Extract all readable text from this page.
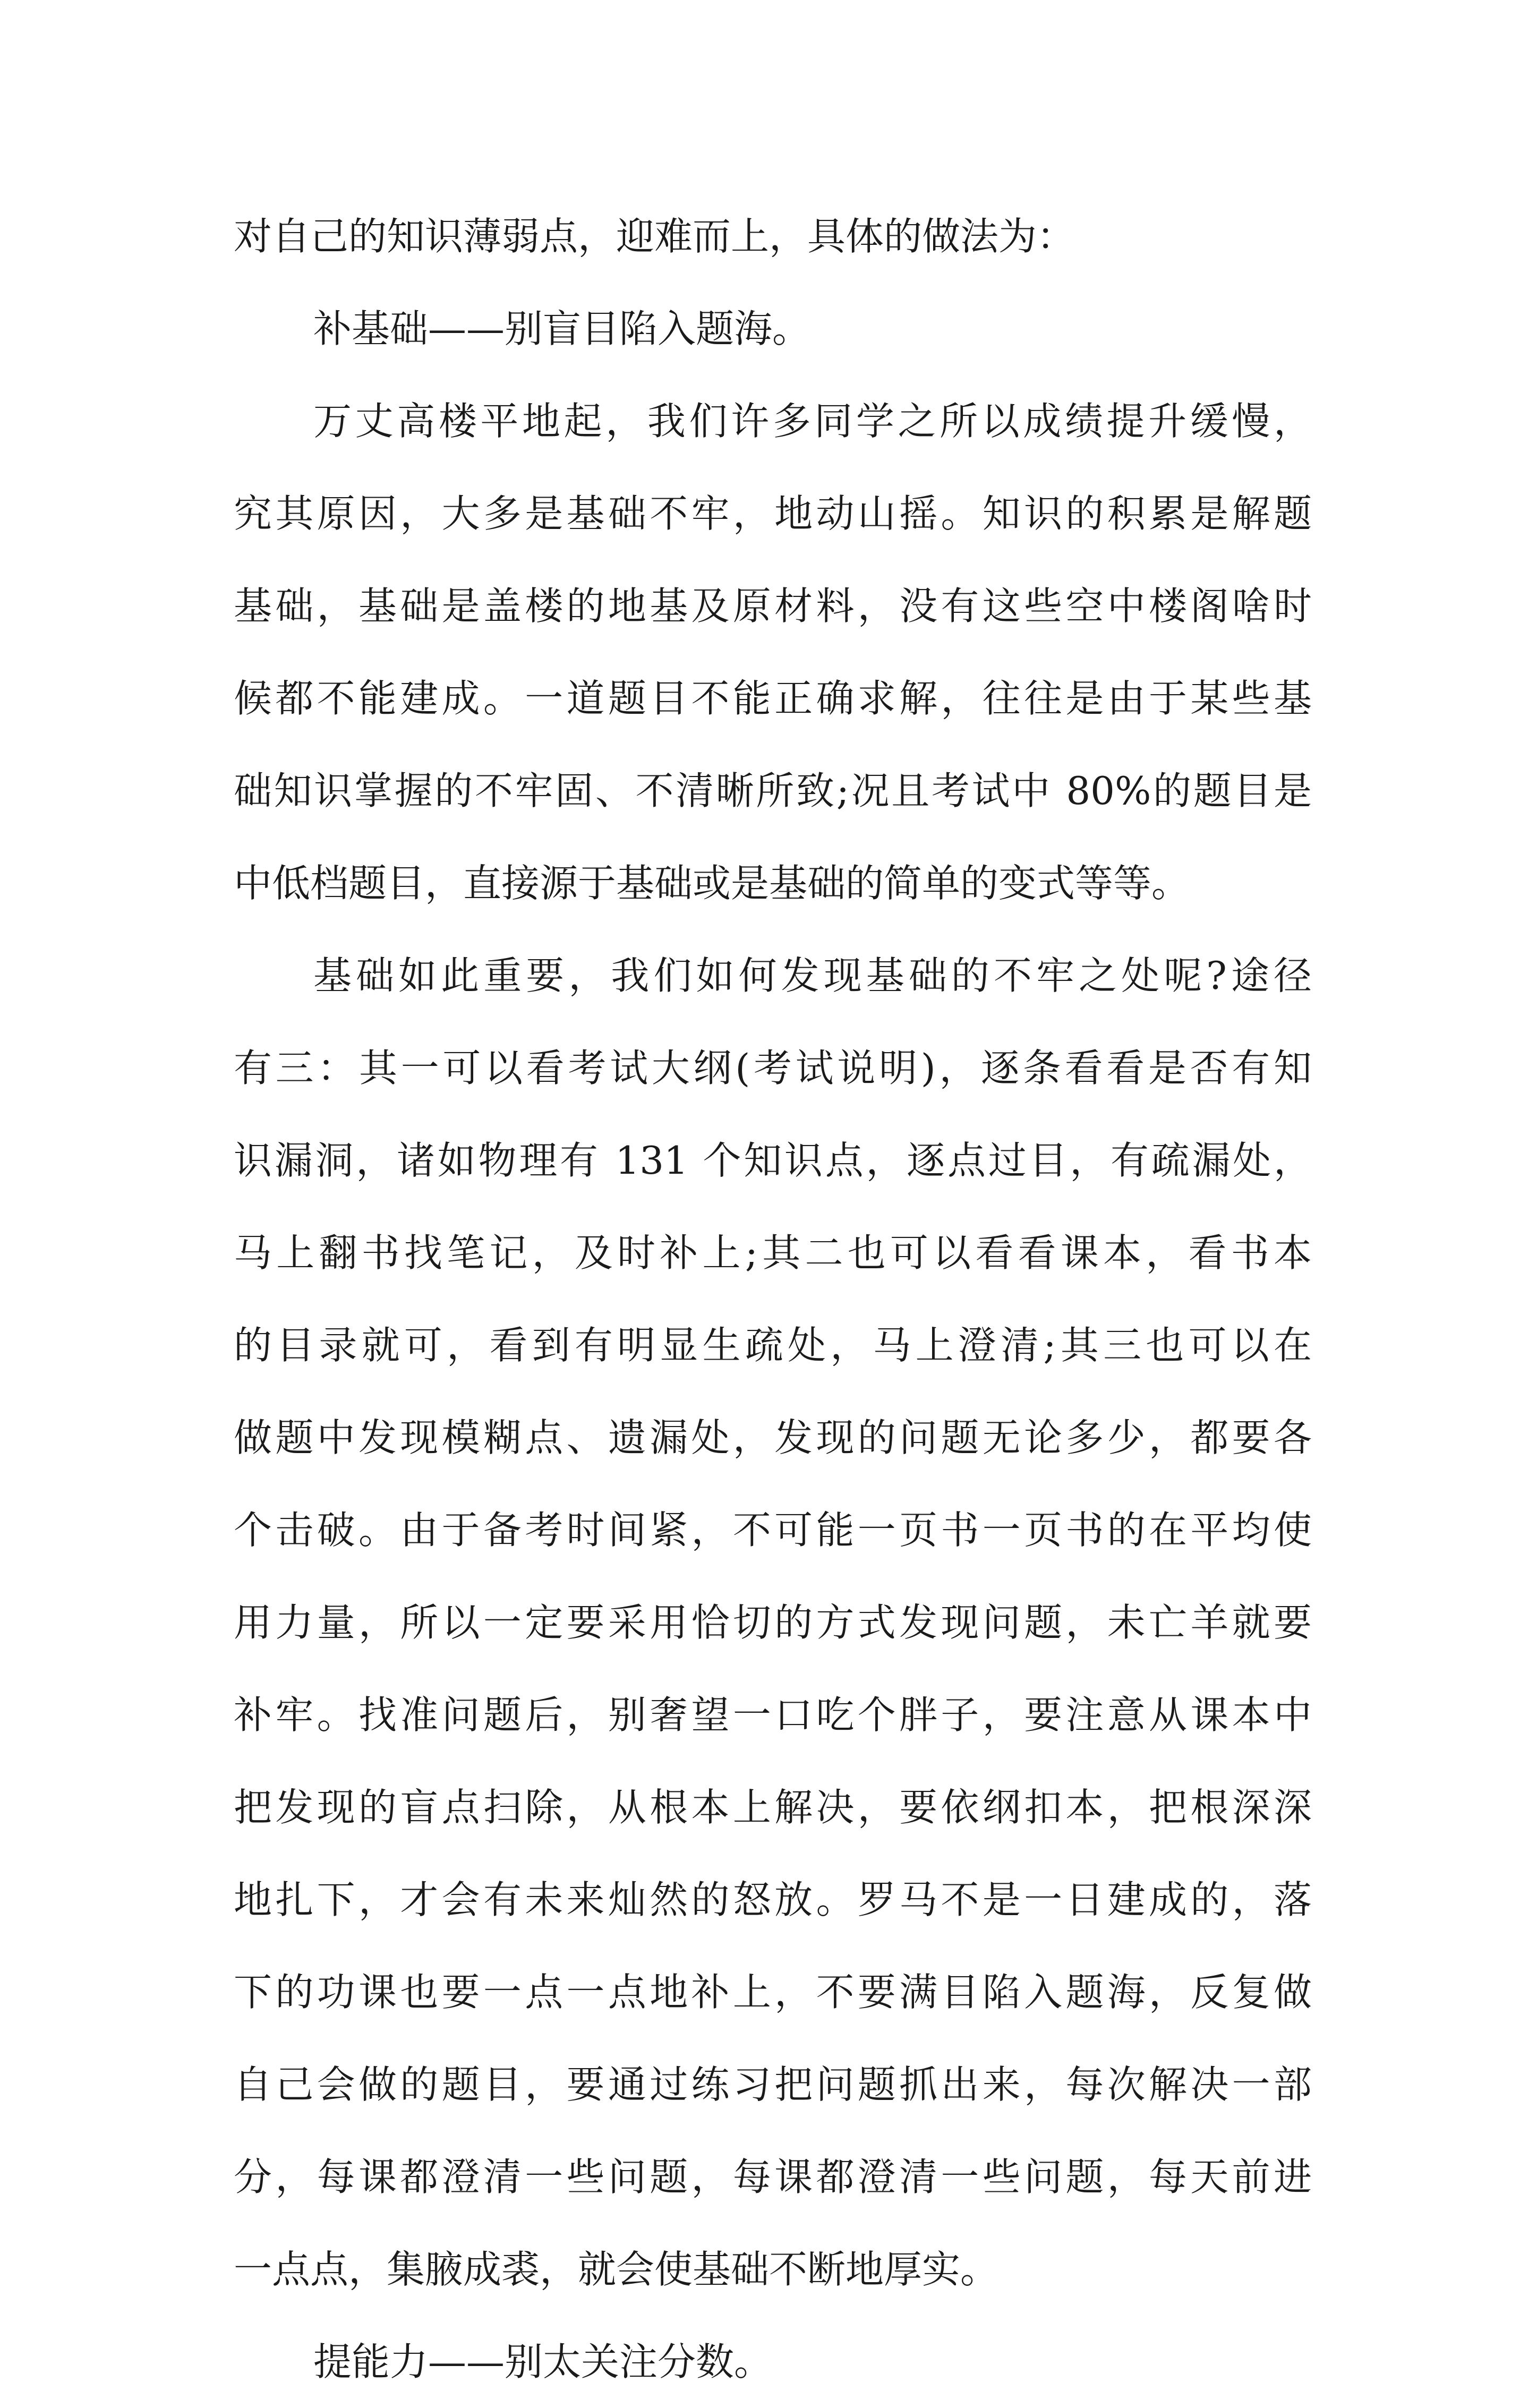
对自己的知识薄弱点，迎难而上，具体的做法为：
补基础——别盲目陷入题海。
万丈高楼平地起，我们许多同学之所以成绩提升缓慢，
究其原因，大多是基础不牢，地动山摇。知识的积累是解题
基础，基础是盖楼的地基及原材料，没有这些空中楼阁啥时
候都不能建成。一道题目不能正确求解，往往是由于某些基
础知识掌握的不牢固、不清晰所致;况且考试中 80%的题目是
中低档题目，直接源于基础或是基础的简单的变式等等。
基础如此重要，我们如何发现基础的不牢之处呢?途径
有三：其一可以看考试大纲(考试说明)，逐条看看是否有知
识漏洞，诸如物理有 131 个知识点，逐点过目，有疏漏处，
马上翻书找笔记，及时补上;其二也可以看看课本，看书本
的目录就可，看到有明显生疏处，马上澄清;其三也可以在
做题中发现模糊点、遗漏处，发现的问题无论多少，都要各
个击破。由于备考时间紧，不可能一页书一页书的在平均使
用力量，所以一定要采用恰切的方式发现问题，未亡羊就要
补牢。找准问题后，别奢望一口吃个胖子，要注意从课本中
把发现的盲点扫除，从根本上解决，要依纲扣本，把根深深
地扎下，才会有未来灿然的怒放。罗马不是一日建成的，落
下的功课也要一点一点地补上，不要满目陷入题海，反复做
自己会做的题目，要通过练习把问题抓出来，每次解决一部
分，每课都澄清一些问题，每课都澄清一些问题，每天前进
一点点，集腋成裘，就会使基础不断地厚实。
提能力——别太关注分数。
